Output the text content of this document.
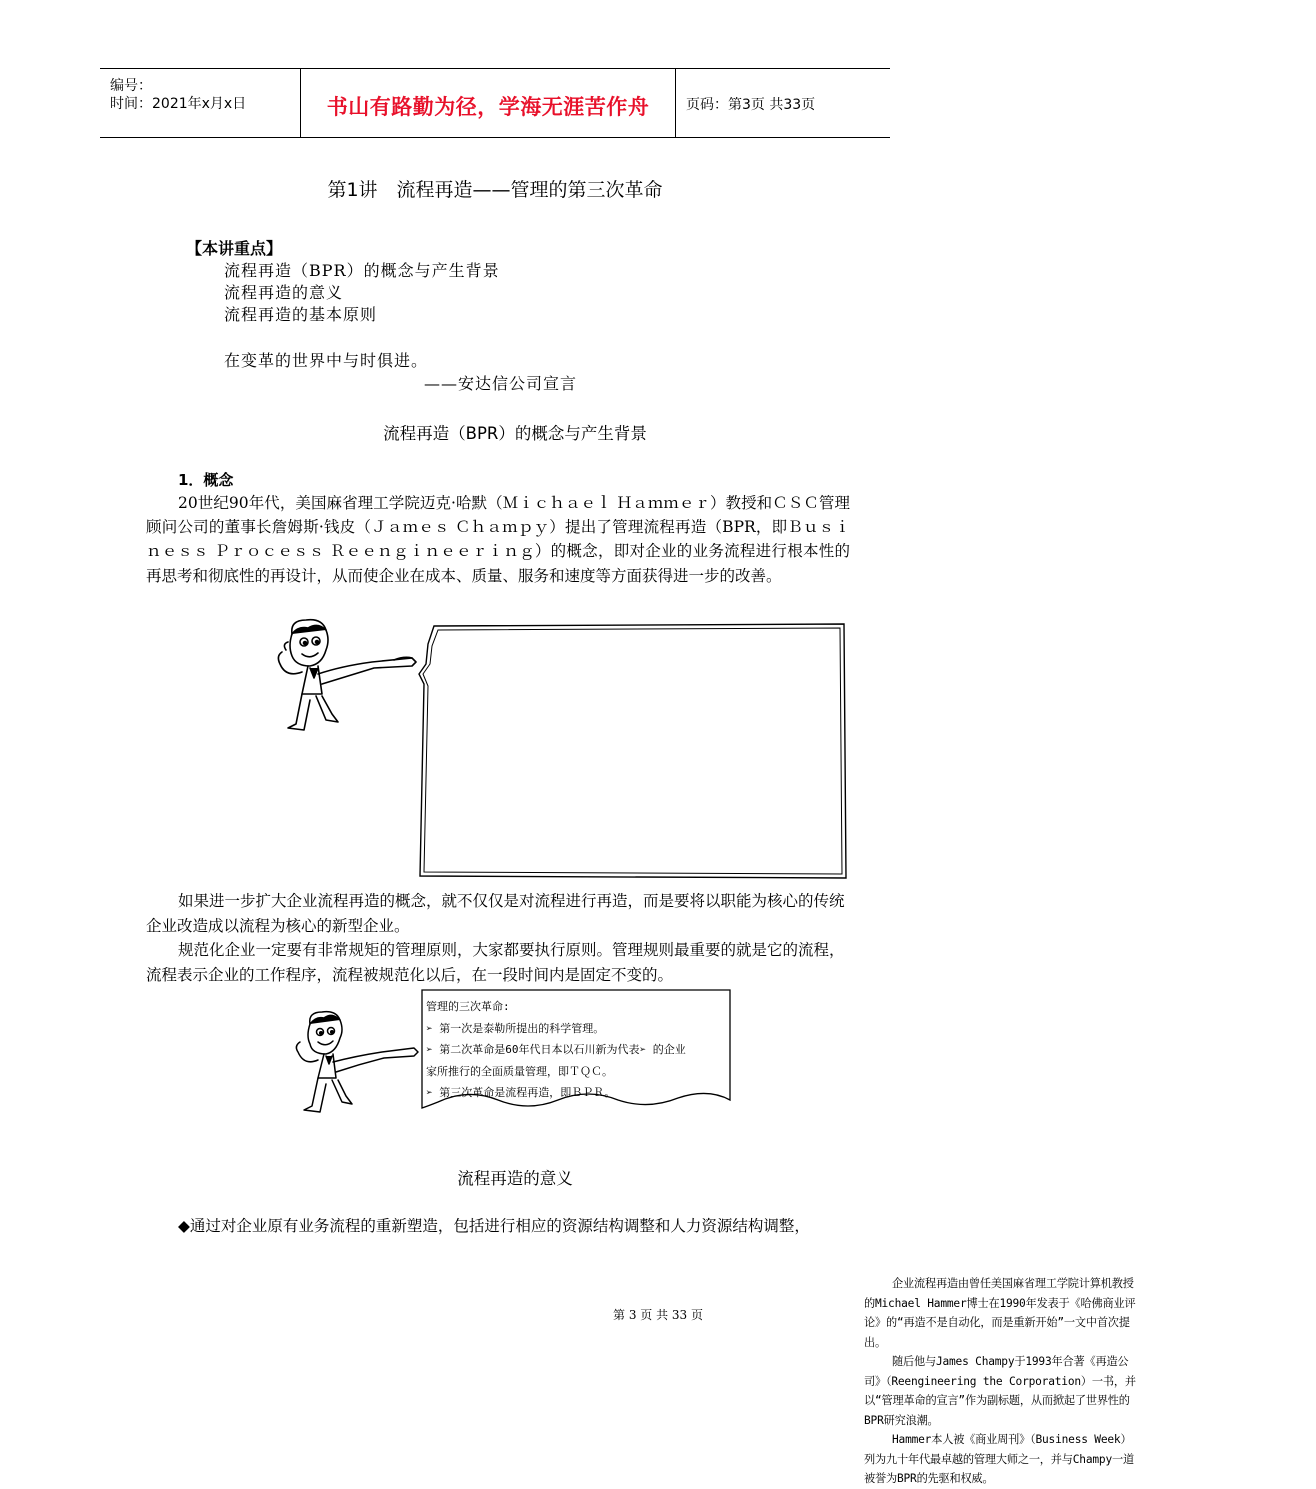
编号：
时间：2021年x月x日	书山有路勤为径，学海无涯苦作舟	页码：第3页 共33页
第1讲　流程再造——管理的第三次革命
【本讲重点】
流程再造（BPR）的概念与产生背景
流程再造的意义
流程再造的基本原则
在变革的世界中与时俱进。
——安达信公司宣言
流程再造（BPR）的概念与产生背景
1．概念
20世纪90年代，美国麻省理工学院迈克·哈默（Ｍｉｃｈａｅｌ Ｈａｍｍｅｒ）教授和ＣＳＣ管理顾问公司的董事长詹姆斯·钱皮（Ｊａｍｅｓ Ｃｈａｍｐｙ）提出了管理流程再造（BPR，即Ｂｕｓｉｎｅｓｓ Ｐｒｏｃｅｓｓ Ｒｅｅｎｇｉｎｅｅｒｉｎｇ）的概念，即对企业的业务流程进行根本性的再思考和彻底性的再设计，从而使企业在成本、质量、服务和速度等方面获得进一步的改善。

企业流程再造由曾任美国麻省理工学院计算机教授的Michael Hammer博士在1990年发表于《哈佛商业评论》的“再造不是自动化，而是重新开始”一文中首次提出。

随后他与James Champy于1993年合著《再造公司》（Reengineering the Corporation）一书，并以“管理革命的宣言”作为副标题，从而掀起了世界性的BPR研究浪潮。

Hammer本人被《商业周刊》（Business Week）列为九十年代最卓越的管理大师之一，并与Champy一道被誉为BPR的先驱和权威。

如果进一步扩大企业流程再造的概念，就不仅仅是对流程进行再造，而是要将以职能为核心的传统企业改造成以流程为核心的新型企业。
规范化企业一定要有非常规矩的管理原则，大家都要执行原则。管理规则最重要的就是它的流程，流程表示企业的工作程序，流程被规范化以后，在一段时间内是固定不变的。

管理的三次革命:

➢ 第一次是泰勒所提出的科学管理。

➢ 第二次革命是60年代日本以石川新为代表➢ 的企业

家所推行的全面质量管理，即ＴＱＣ。

➢ 第三次革命是流程再造，即ＢＰＲ。

流程再造的意义
◆通过对企业原有业务流程的重新塑造，包括进行相应的资源结构调整和人力资源结构调整，
第 3 页 共 33 页
